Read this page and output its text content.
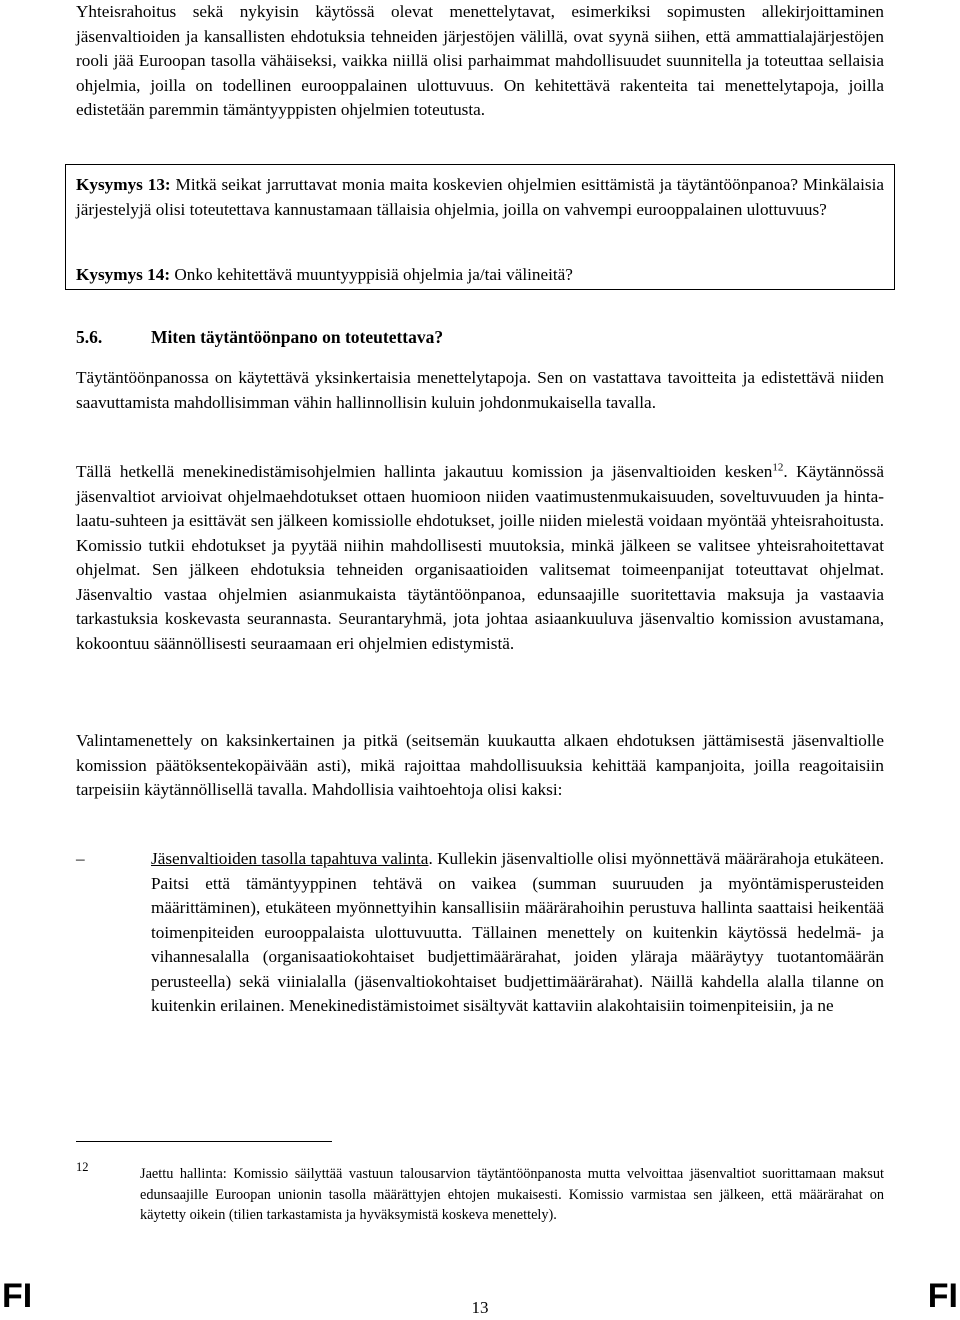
Yhteisrahoitus sekä nykyisin käytössä olevat menettelytavat, esimerkiksi sopimusten allekirjoittaminen jäsenvaltioiden ja kansallisten ehdotuksia tehneiden järjestöjen välillä, ovat syynä siihen, että ammattialajärjestöjen rooli jää Euroopan tasolla vähäiseksi, vaikka niillä olisi parhaimmat mahdollisuudet suunnitella ja toteuttaa sellaisia ohjelmia, joilla on todellinen eurooppalainen ulottuvuus. On kehitettävä rakenteita tai menettelytapoja, joilla edistetään paremmin tämäntyyppisten ohjelmien toteutusta.

Kysymys 13: Mitkä seikat jarruttavat monia maita koskevien ohjelmien esittämistä ja täytäntöönpanoa? Minkälaisia järjestelyjä olisi toteutettava kannustamaan tällaisia ohjelmia, joilla on vahvempi eurooppalainen ulottuvuus?

Kysymys 14: Onko kehitettävä muuntyyppisiä ohjelmia ja/tai välineitä?

5.6.	Miten täytäntöönpano on toteutettava?

Täytäntöönpanossa on käytettävä yksinkertaisia menettelytapoja. Sen on vastattava tavoitteita ja edistettävä niiden saavuttamista mahdollisimman vähin hallinnollisin kuluin johdonmukaisella tavalla.

Tällä hetkellä menekinedistämisohjelmien hallinta jakautuu komission ja jäsenvaltioiden kesken$^{12}$. Käytännössä jäsenvaltiot arvioivat ohjelmaehdotukset ottaen huomioon niiden vaatimustenmukaisuuden, soveltuvuuden ja hinta-laatu-suhteen ja esittävät sen jälkeen komissiolle ehdotukset, joille niiden mielestä voidaan myöntää yhteisrahoitusta. Komissio tutkii ehdotukset ja pyytää niihin mahdollisesti muutoksia, minkä jälkeen se valitsee yhteisrahoitettavat ohjelmat. Sen jälkeen ehdotuksia tehneiden organisaatioiden valitsemat toimeenpanijat toteuttavat ohjelmat. Jäsenvaltio vastaa ohjelmien asianmukaista täytäntöönpanoa, edunsaajille suoritettavia maksuja ja vastaavia tarkastuksia koskevasta seurannasta. Seurantaryhmä, jota johtaa asiaankuuluva jäsenvaltio komission avustamana, kokoontuu säännöllisesti seuraamaan eri ohjelmien edistymistä.

Valintamenettely on kaksinkertainen ja pitkä (seitsemän kuukautta alkaen ehdotuksen jättämisestä jäsenvaltiolle komission päätöksentekopäivään asti), mikä rajoittaa mahdollisuuksia kehittää kampanjoita, joilla reagoitaisiin tarpeisiin käytännöllisellä tavalla. Mahdollisia vaihtoehtoja olisi kaksi:

–	Jäsenvaltioiden tasolla tapahtuva valinta. Kullekin jäsenvaltiolle olisi myönnettävä määrärahoja etukäteen. Paitsi että tämäntyyppinen tehtävä on vaikea (summan suuruuden ja myöntämisperusteiden määrittäminen), etukäteen myönnettyihin kansallisiin määrärahoihin perustuva hallinta saattaisi heikentää toimenpiteiden eurooppalaista ulottuvuutta. Tällainen menettely on kuitenkin käytössä hedelmä- ja vihannesalalla (organisaatiokohtaiset budjettimäärärahat, joiden yläraja määräytyy tuotantomäärän perusteella) sekä viinialalla (jäsenvaltiokohtaiset budjettimäärärahat). Näillä kahdella alalla tilanne on kuitenkin erilainen. Menekinedistämistoimet sisältyvät kattaviin alakohtaisiin toimenpiteisiin, ja ne

12	Jaettu hallinta: Komissio säilyttää vastuun talousarvion täytäntöönpanosta mutta velvoittaa jäsenvaltiot suorittamaan maksut edunsaajille Euroopan unionin tasolla määrättyjen ehtojen mukaisesti. Komissio varmistaa sen jälkeen, että määrärahat on käytetty oikein (tilien tarkastamista ja hyväksymistä koskeva menettely).

FI	13	FI
